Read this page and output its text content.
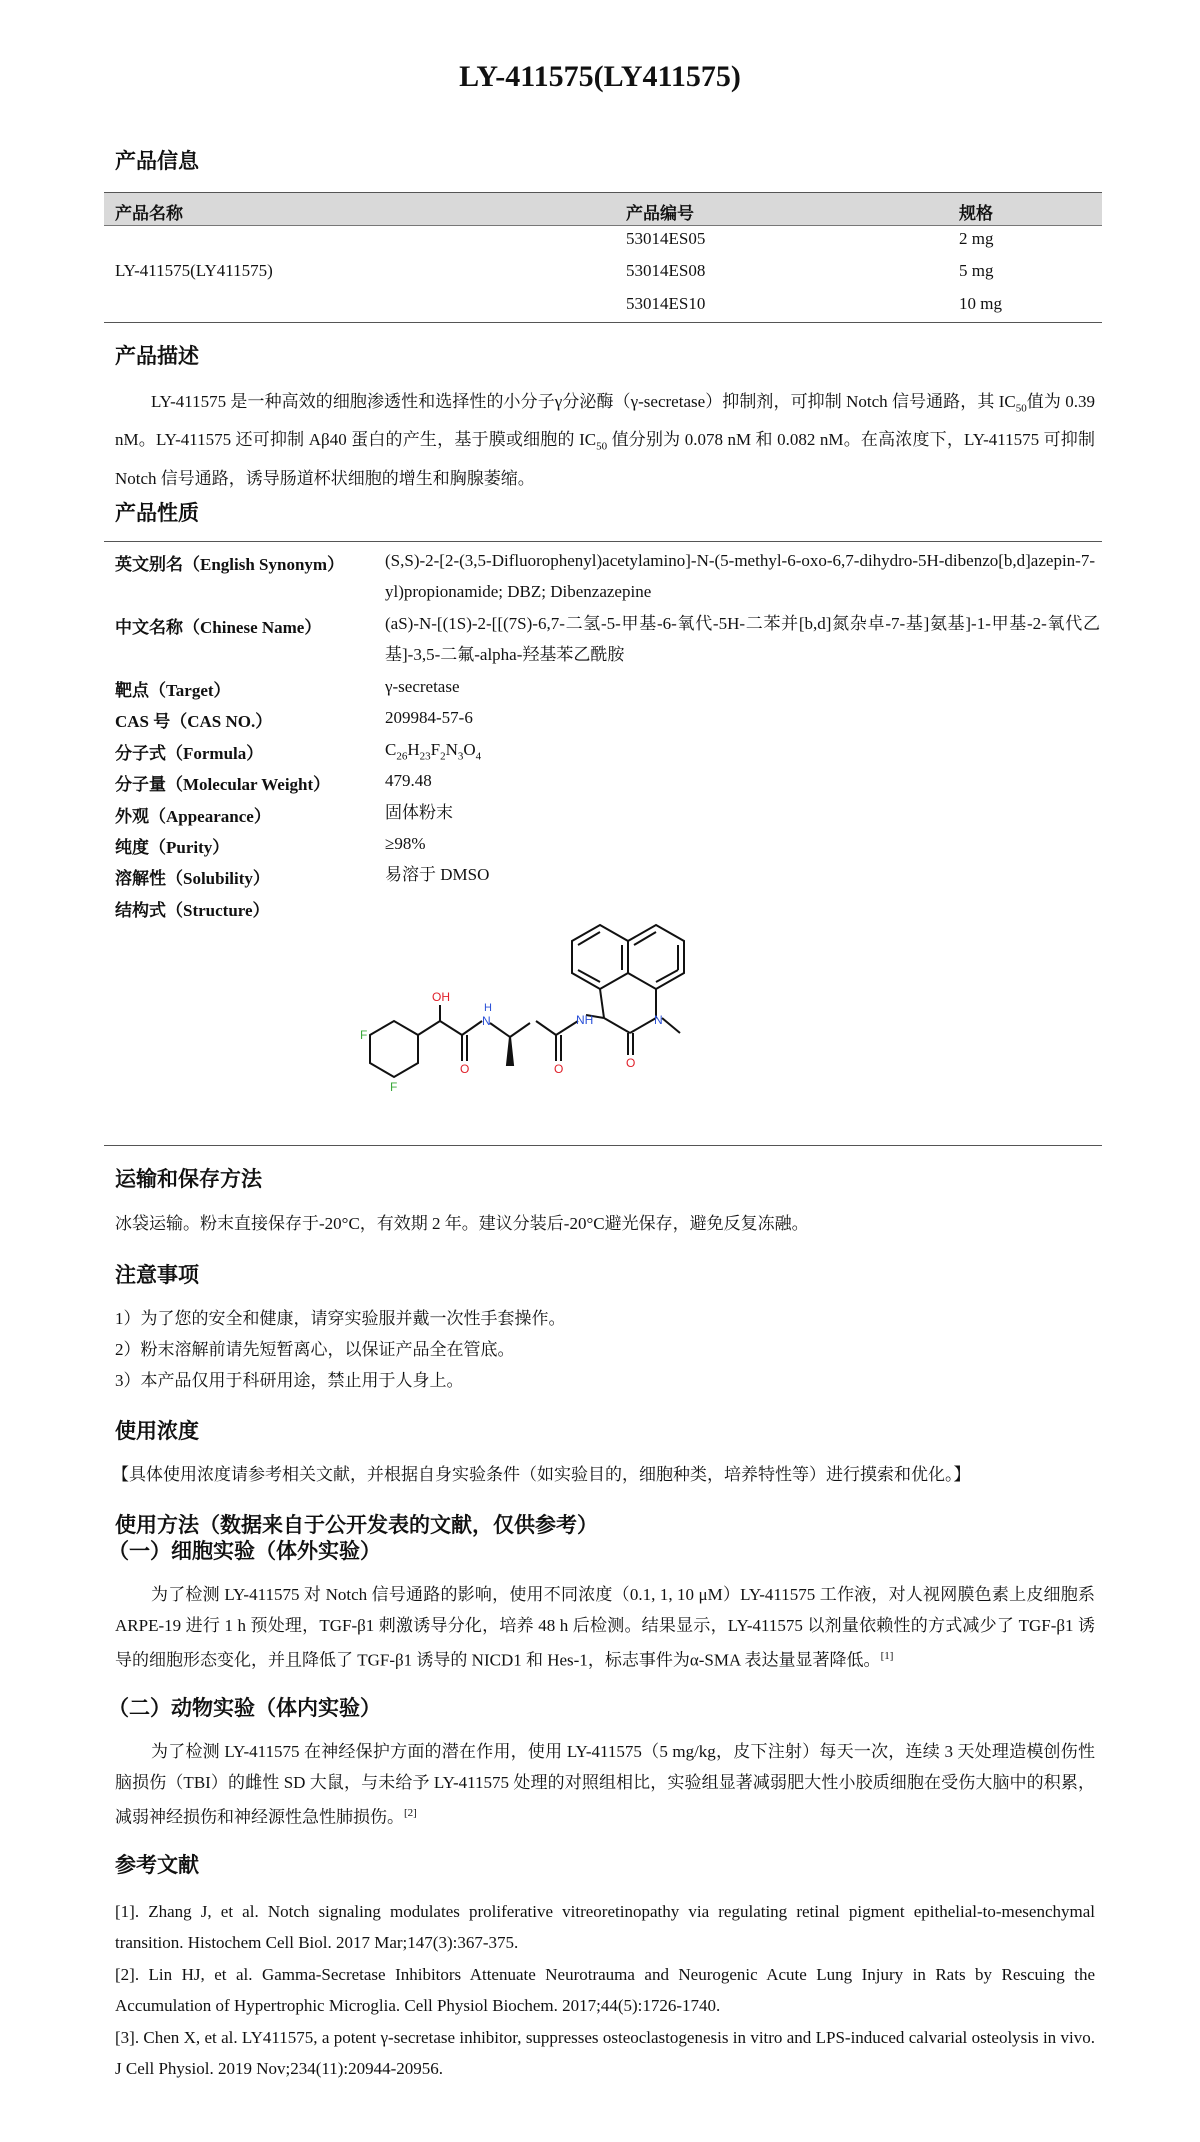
LY-411575(LY411575)
产品信息
产品名称	产品编号	规格
LY-411575(LY411575)
53014ES05	2 mg
53014ES08	5 mg
53014ES10	10 mg
产品描述
LY-411575 是一种高效的细胞渗透性和选择性的小分子γ分泌酶（γ-secretase）抑制剂，可抑制 Notch 信号通路，其 $IC_{50}$值为 0.39 nM。LY-411575 还可抑制 Aβ40 蛋白的产生，基于膜或细胞的 $IC_{50}$ 值分别为 0.078 nM 和 0.082 nM。在高浓度下，LY-411575 可抑制 Notch 信号通路，诱导肠道杯状细胞的增生和胸腺萎缩。
产品性质
英文别名（English Synonym） (S,S)-2-[2-(3,5-Difluorophenyl)acetylamino]-N-(5-methyl-6-oxo-6,7-dihydro-5H-dibenzo[b,d]azepin-7-yl)propionamide; DBZ; Dibenzazepine
中文名称（Chinese Name）	(aS)-N-[(1S)-2-[[(7S)-6,7-二氢-5-甲基-6-氧代-5H-二苯并[b,d]氮杂卓-7-基]氨基]-1-甲基-2-氧代乙基]-3,5-二氟-alpha-羟基苯乙酰胺
靶点（Target）	γ-secretase
CAS 号（CAS NO.）	209984-57-6
分子式（Formula）	$C_{26}H_{23}F_2N_3O_4$
分子量（Molecular Weight）	479.48
外观（Appearance）	固体粉末
纯度（Purity）	≥98%
溶解性（Solubility）	易溶于 DMSO
结构式（Structure）
OH
H
N	NH	N
O
O
O
F
F
运输和保存方法
冰袋运输。粉末直接保存于-20°C，有效期 2 年。建议分装后-20°C避光保存，避免反复冻融。
注意事项
1）为了您的安全和健康，请穿实验服并戴一次性手套操作。
2）粉末溶解前请先短暂离心，以保证产品全在管底。
3）本产品仅用于科研用途，禁止用于人身上。
使用浓度
【具体使用浓度请参考相关文献，并根据自身实验条件（如实验目的，细胞种类，培养特性等）进行摸索和优化。】
使用方法（数据来自于公开发表的文献，仅供参考）
（一）细胞实验（体外实验）
为了检测 LY-411575 对 Notch 信号通路的影响，使用不同浓度（0.1, 1, 10 μM）LY-411575 工作液，对人视网膜色素上皮细胞系 ARPE-19 进行 1 h 预处理，TGF-β1 刺激诱导分化，培养 48 h 后检测。结果显示，LY-411575 以剂量依赖性的方式减少了 TGF-β1 诱导的细胞形态变化，并且降低了 TGF-β1 诱导的 NICD1 和 Hes-1，标志事件为α-SMA 表达量显著降低。[1]
（二）动物实验（体内实验）
为了检测 LY-411575 在神经保护方面的潜在作用，使用 LY-411575（5 mg/kg，皮下注射）每天一次，连续 3 天处理造模创伤性脑损伤（TBI）的雌性 SD 大鼠，与未给予 LY-411575 处理的对照组相比，实验组显著减弱肥大性小胶质细胞在受伤大脑中的积累，减弱神经损伤和神经源性急性肺损伤。[2]
参考文献
[1]. Zhang J, et al. Notch signaling modulates proliferative vitreoretinopathy via regulating retinal pigment epithelial-to-mesenchymal transition. Histochem Cell Biol. 2017 Mar;147(3):367-375.
[2]. Lin HJ, et al. Gamma-Secretase Inhibitors Attenuate Neurotrauma and Neurogenic Acute Lung Injury in Rats by Rescuing the Accumulation of Hypertrophic Microglia. Cell Physiol Biochem. 2017;44(5):1726-1740.
[3]. Chen X, et al. LY411575, a potent γ-secretase inhibitor, suppresses osteoclastogenesis in vitro and LPS-induced calvarial osteolysis in vivo. J Cell Physiol. 2019 Nov;234(11):20944-20956.
